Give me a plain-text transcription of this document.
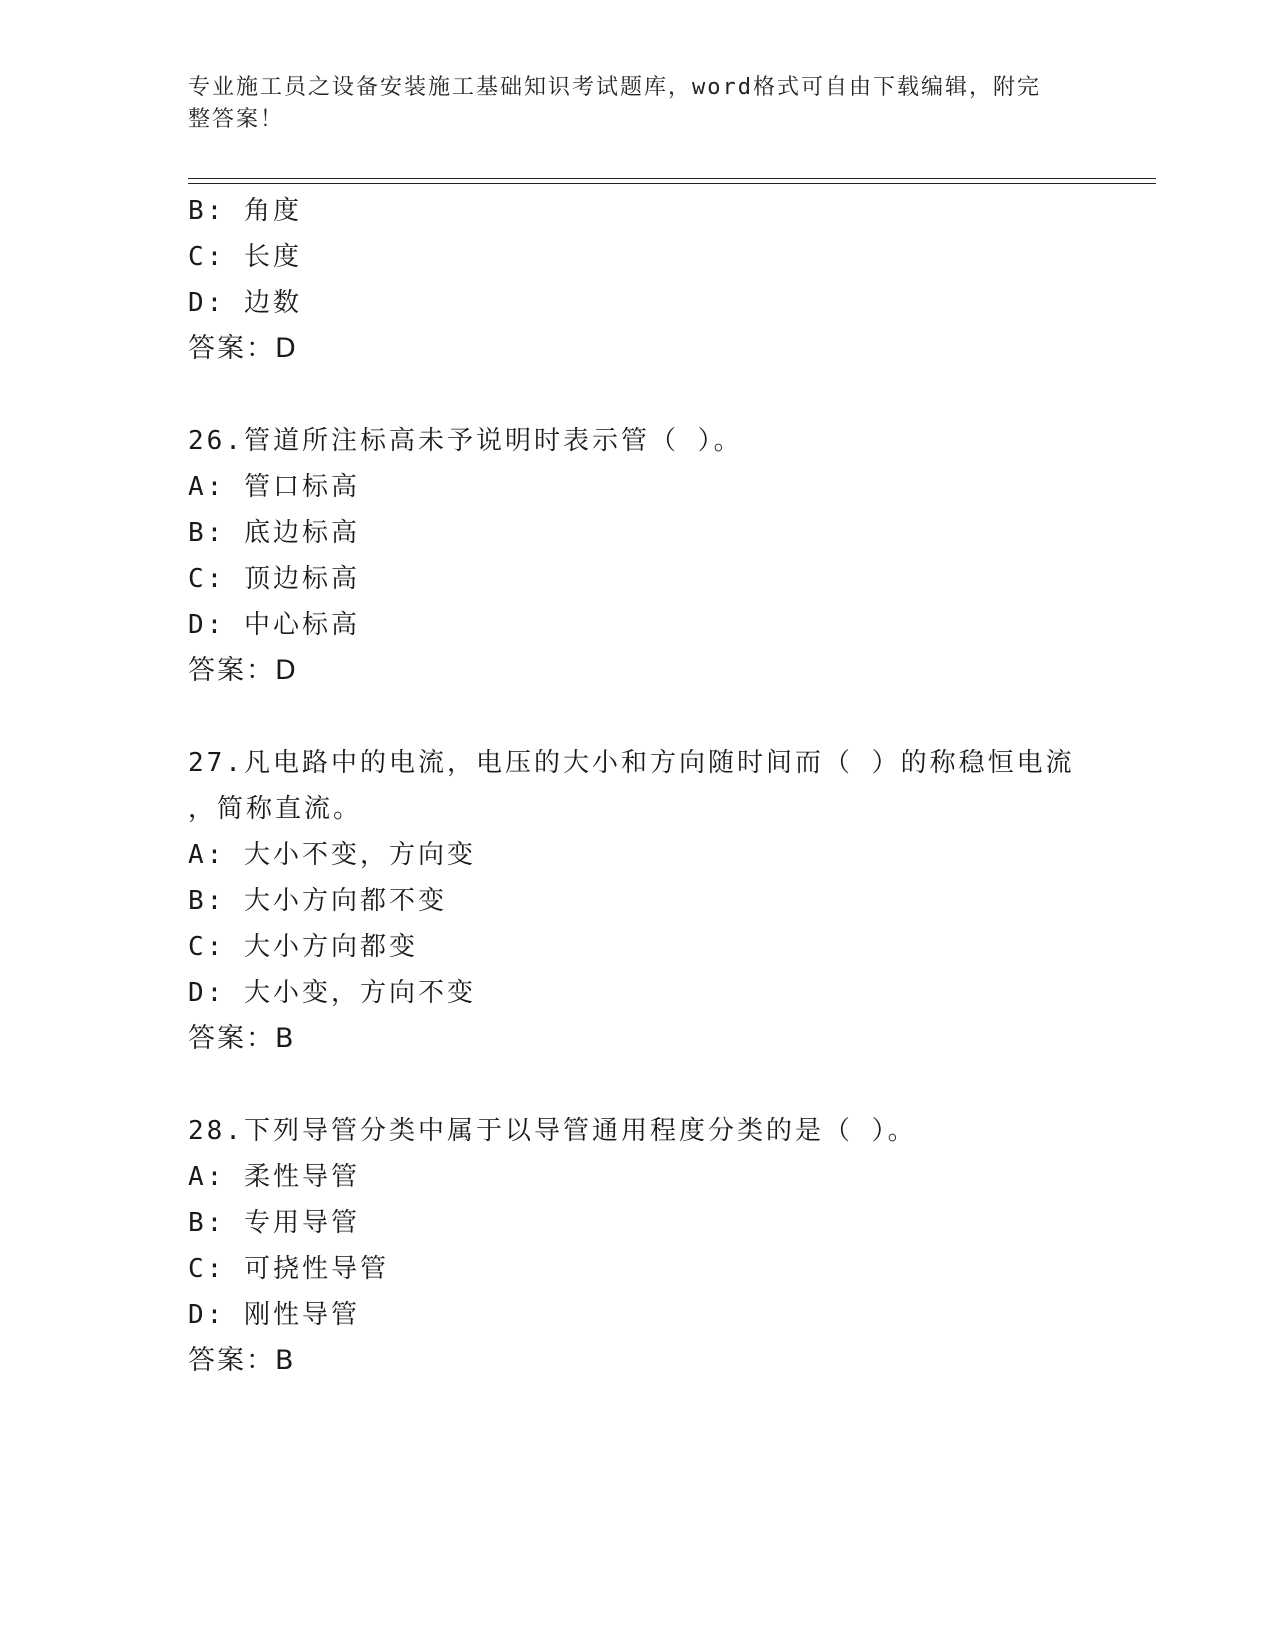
专业施工员之设备安装施工基础知识考试题库，word格式可自由下载编辑，附完
整答案！
B: 角度
C: 长度
D: 边数
答案：D
26.管道所注标高未予说明时表示管（ ）。
A: 管口标高
B: 底边标高
C: 顶边标高
D: 中心标高
答案：D
27.凡电路中的电流，电压的大小和方向随时间而（ ）的称稳恒电流
，简称直流。
A: 大小不变，方向变
B: 大小方向都不变
C: 大小方向都变
D: 大小变，方向不变
答案：B
28.下列导管分类中属于以导管通用程度分类的是（ ）。
A: 柔性导管
B: 专用导管
C: 可挠性导管
D: 刚性导管
答案：B
